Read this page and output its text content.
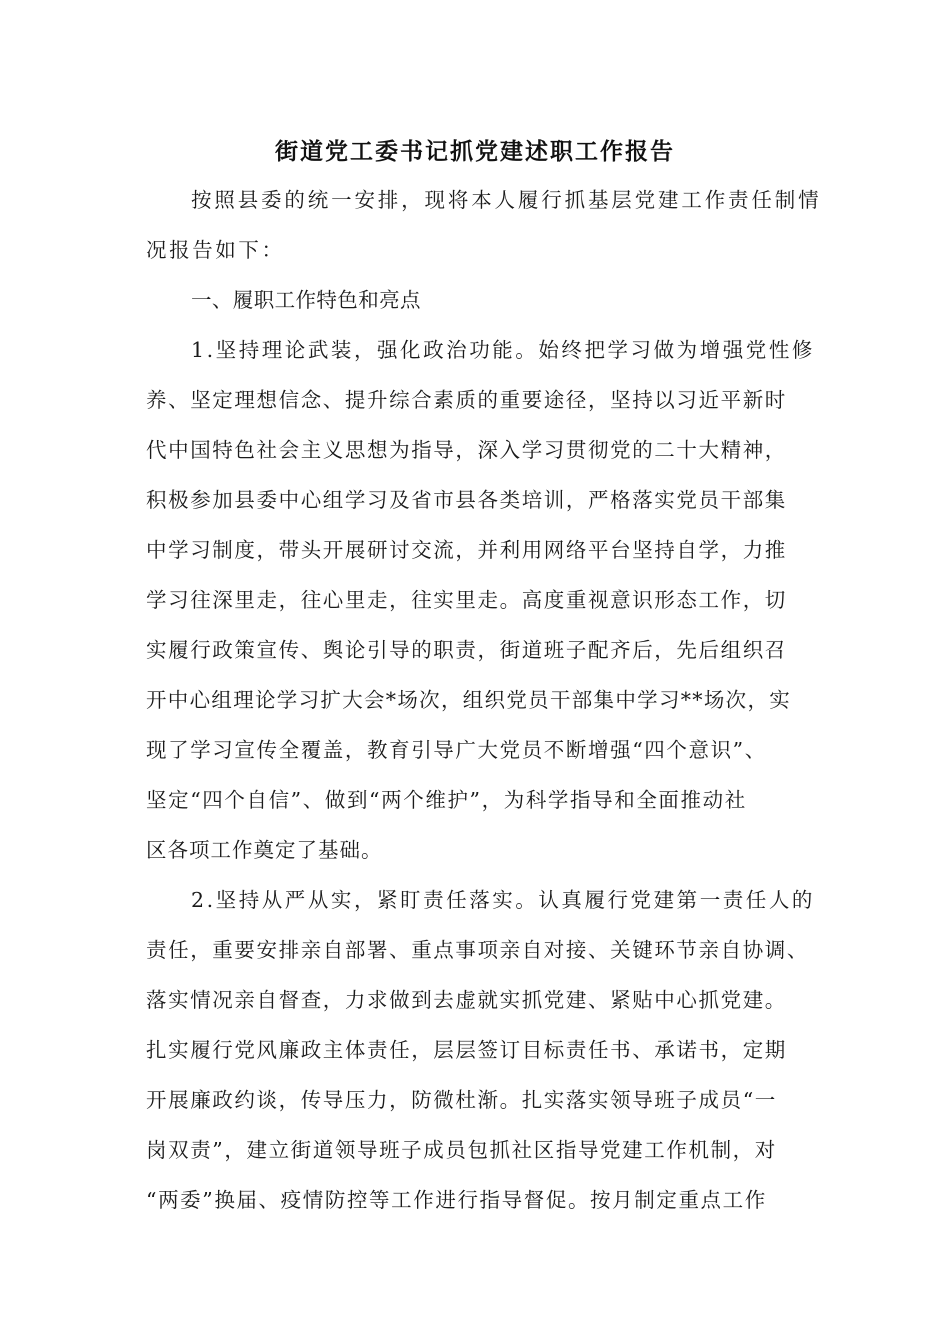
街道党工委书记抓党建述职工作报告

按照县委的统一安排，现将本人履行抓基层党建工作责任制情

况报告如下：

一、履职工作特色和亮点

1.坚持理论武装，强化政治功能。始终把学习做为增强党性修

养、坚定理想信念、提升综合素质的重要途径，坚持以习近平新时

代中国特色社会主义思想为指导，深入学习贯彻党的二十大精神，

积极参加县委中心组学习及省市县各类培训，严格落实党员干部集

中学习制度，带头开展研讨交流，并利用网络平台坚持自学，力推

学习往深里走，往心里走，往实里走。高度重视意识形态工作，切

实履行政策宣传、舆论引导的职责，街道班子配齐后，先后组织召

开中心组理论学习扩大会*场次，组织党员干部集中学习**场次，实

现了学习宣传全覆盖，教育引导广大党员不断增强“四个意识”、

坚定“四个自信”、做到“两个维护”，为科学指导和全面推动社

区各项工作奠定了基础。

2.坚持从严从实，紧盯责任落实。认真履行党建第一责任人的

责任，重要安排亲自部署、重点事项亲自对接、关键环节亲自协调、

落实情况亲自督查，力求做到去虚就实抓党建、紧贴中心抓党建。

扎实履行党风廉政主体责任，层层签订目标责任书、承诺书，定期

开展廉政约谈，传导压力，防微杜渐。扎实落实领导班子成员“一

岗双责”，建立街道领导班子成员包抓社区指导党建工作机制，对

“两委”换届、疫情防控等工作进行指导督促。按月制定重点工作
